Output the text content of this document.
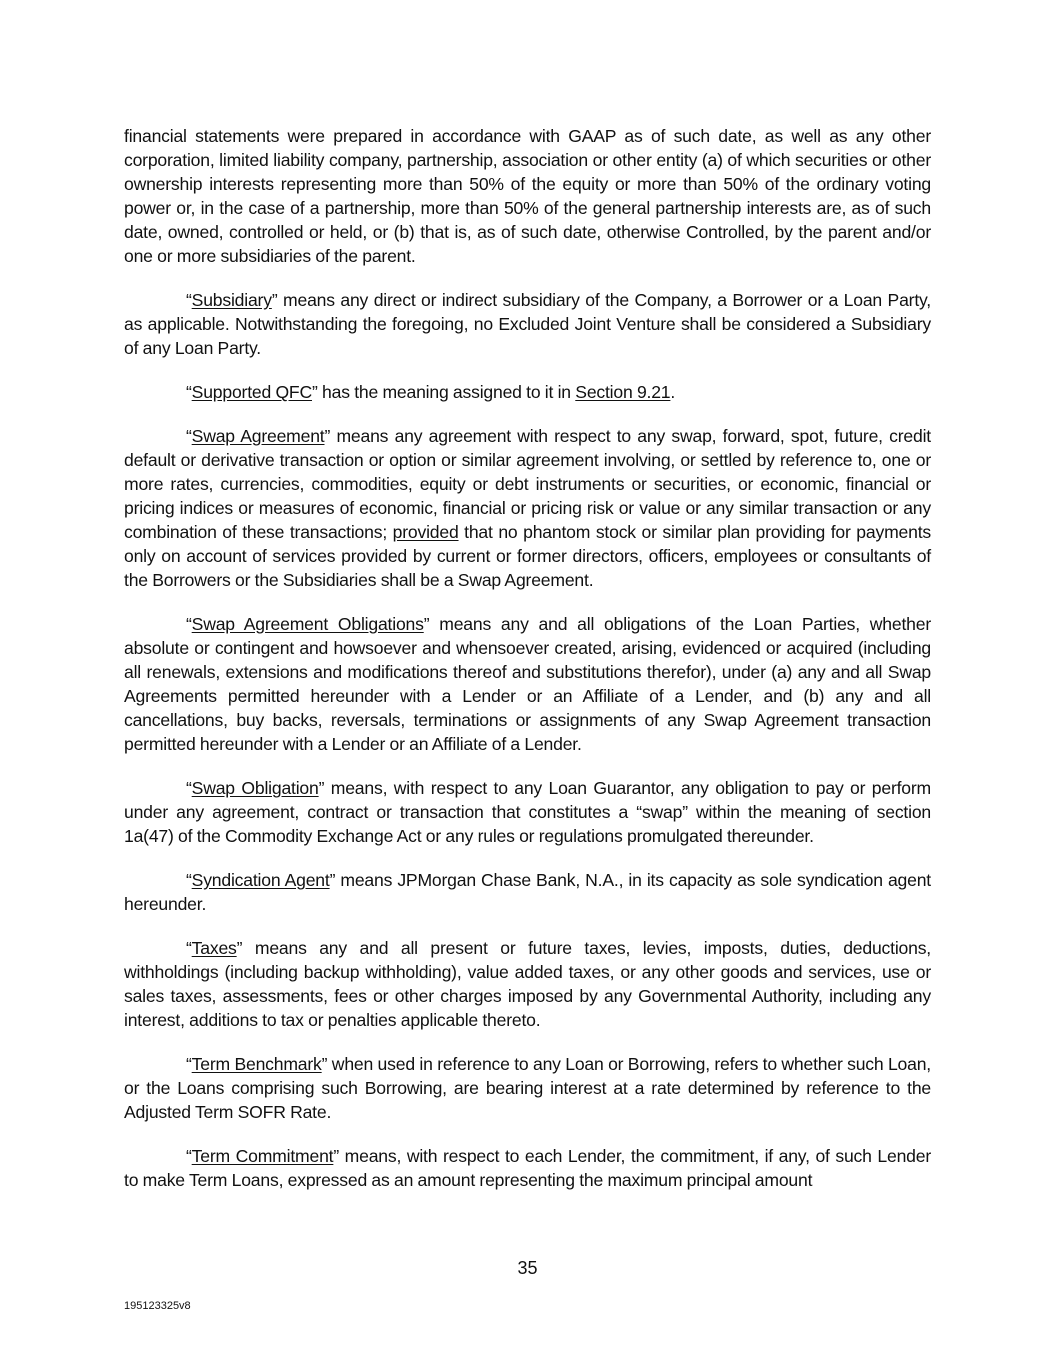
financial statements were prepared in accordance with GAAP as of such date, as well as any other corporation, limited liability company, partnership, association or other entity (a) of which securities or other ownership interests representing more than 50% of the equity or more than 50% of the ordinary voting power or, in the case of a partnership, more than 50% of the general partnership interests are, as of such date, owned, controlled or held, or (b) that is, as of such date, otherwise Controlled, by the parent and/or one or more subsidiaries of the parent.

“Subsidiary” means any direct or indirect subsidiary of the Company, a Borrower or a Loan Party, as applicable. Notwithstanding the foregoing, no Excluded Joint Venture shall be considered a Subsidiary of any Loan Party.

“Supported QFC” has the meaning assigned to it in Section 9.21.

“Swap Agreement” means any agreement with respect to any swap, forward, spot, future, credit default or derivative transaction or option or similar agreement involving, or settled by reference to, one or more rates, currencies, commodities, equity or debt instruments or securities, or economic, financial or pricing indices or measures of economic, financial or pricing risk or value or any similar transaction or any combination of these transactions; provided that no phantom stock or similar plan providing for payments only on account of services provided by current or former directors, officers, employees or consultants of the Borrowers or the Subsidiaries shall be a Swap Agreement.

“Swap Agreement Obligations” means any and all obligations of the Loan Parties, whether absolute or contingent and howsoever and whensoever created, arising, evidenced or acquired (including all renewals, extensions and modifications thereof and substitutions therefor), under (a) any and all Swap Agreements permitted hereunder with a Lender or an Affiliate of a Lender, and (b) any and all cancellations, buy backs, reversals, terminations or assignments of any Swap Agreement transaction permitted hereunder with a Lender or an Affiliate of a Lender.

“Swap Obligation” means, with respect to any Loan Guarantor, any obligation to pay or perform under any agreement, contract or transaction that constitutes a “swap” within the meaning of section 1a(47) of the Commodity Exchange Act or any rules or regulations promulgated thereunder.

“Syndication Agent” means JPMorgan Chase Bank, N.A., in its capacity as sole syndication agent hereunder.

“Taxes” means any and all present or future taxes, levies, imposts, duties, deductions, withholdings (including backup withholding), value added taxes, or any other goods and services, use or sales taxes, assessments, fees or other charges imposed by any Governmental Authority, including any interest, additions to tax or penalties applicable thereto.

“Term Benchmark” when used in reference to any Loan or Borrowing, refers to whether such Loan, or the Loans comprising such Borrowing, are bearing interest at a rate determined by reference to the Adjusted Term SOFR Rate.

“Term Commitment” means, with respect to each Lender, the commitment, if any, of such Lender to make Term Loans, expressed as an amount representing the maximum principal amount

35
195123325v8
